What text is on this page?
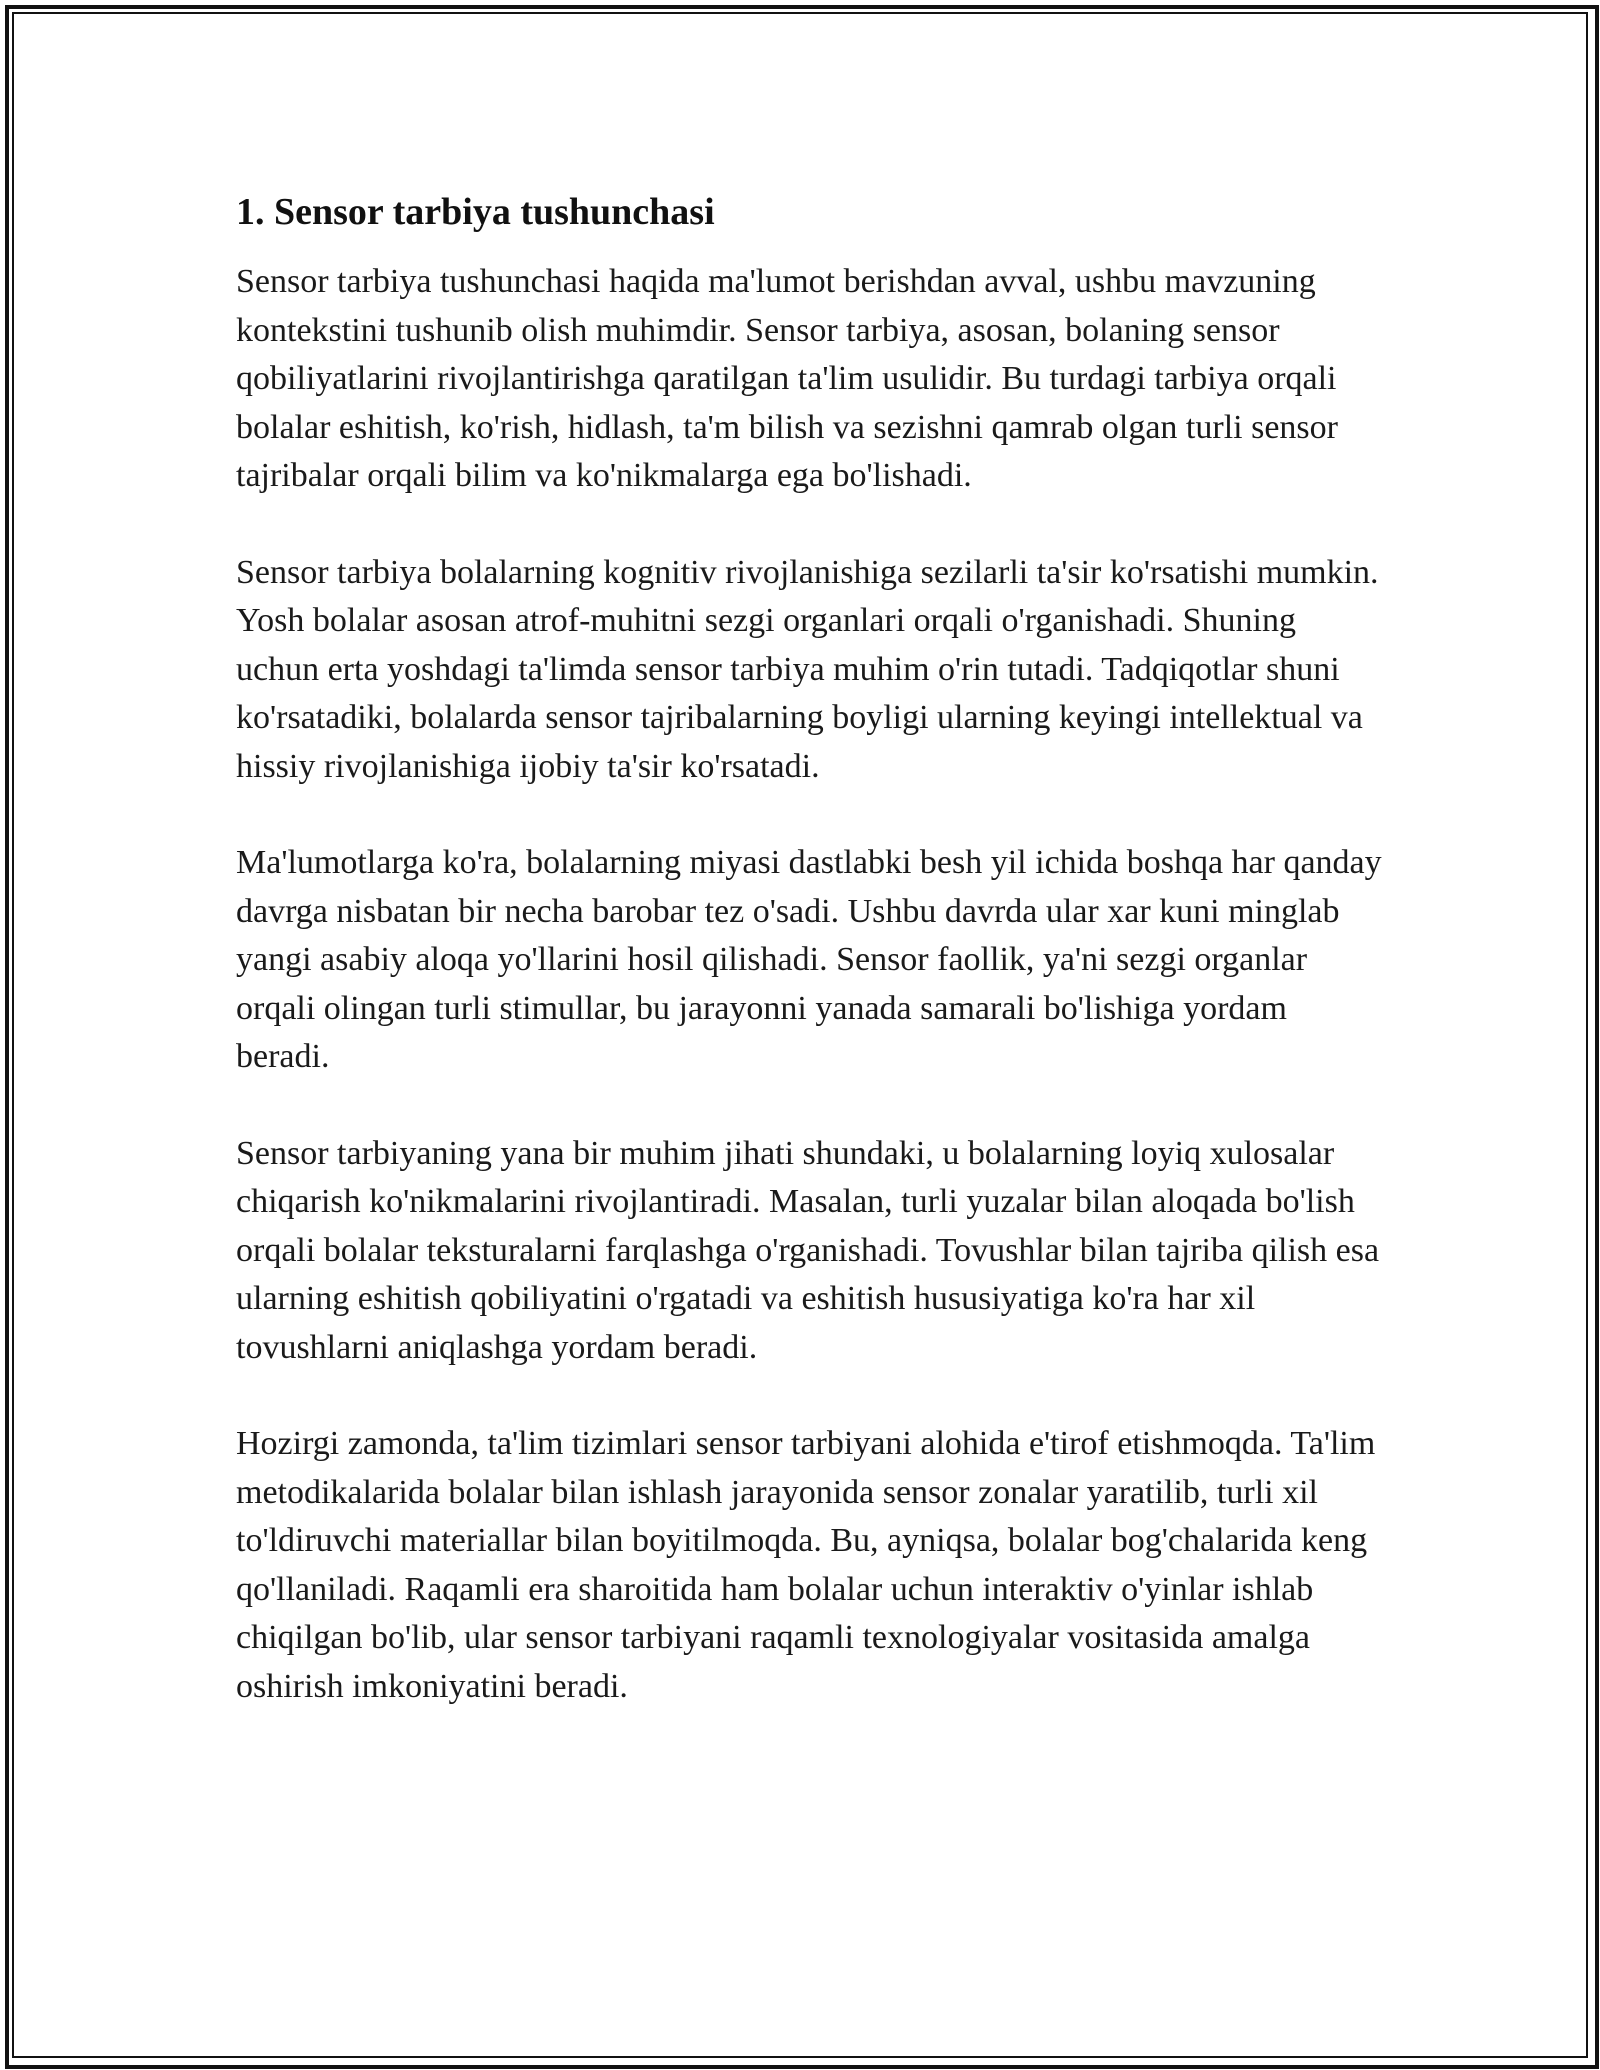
1. Sensor tarbiya tushunchasi

Sensor tarbiya tushunchasi haqida ma'lumot berishdan avval, ushbu mavzuning kontekstini tushunib olish muhimdir. Sensor tarbiya, asosan, bolaning sensor qobiliyatlarini rivojlantirishga qaratilgan ta'lim usulidir. Bu turdagi tarbiya orqali bolalar eshitish, ko'rish, hidlash, ta'm bilish va sezishni qamrab olgan turli sensor tajribalar orqali bilim va ko'nikmalarga ega bo'lishadi.

Sensor tarbiya bolalarning kognitiv rivojlanishiga sezilarli ta'sir ko'rsatishi mumkin. Yosh bolalar asosan atrof-muhitni sezgi organlari orqali o'rganishadi. Shuning uchun erta yoshdagi ta'limda sensor tarbiya muhim o'rin tutadi. Tadqiqotlar shuni ko'rsatadiki, bolalarda sensor tajribalarning boyligi ularning keyingi intellektual va hissiy rivojlanishiga ijobiy ta'sir ko'rsatadi.

Ma'lumotlarga ko'ra, bolalarning miyasi dastlabki besh yil ichida boshqa har qanday davrga nisbatan bir necha barobar tez o'sadi. Ushbu davrda ular xar kuni minglab yangi asabiy aloqa yo'llarini hosil qilishadi. Sensor faollik, ya'ni sezgi organlar orqali olingan turli stimullar, bu jarayonni yanada samarali bo'lishiga yordam beradi.

Sensor tarbiyaning yana bir muhim jihati shundaki, u bolalarning loyiq xulosalar chiqarish ko'nikmalarini rivojlantiradi. Masalan, turli yuzalar bilan aloqada bo'lish orqali bolalar teksturalarni farqlashga o'rganishadi. Tovushlar bilan tajriba qilish esa ularning eshitish qobiliyatini o'rgatadi va eshitish hususiyatiga ko'ra har xil tovushlarni aniqlashga yordam beradi.

Hozirgi zamonda, ta'lim tizimlari sensor tarbiyani alohida e'tirof etishmoqda. Ta'lim metodikalarida bolalar bilan ishlash jarayonida sensor zonalar yaratilib, turli xil to'ldiruvchi materiallar bilan boyitilmoqda. Bu, ayniqsa, bolalar bog'chalarida keng qo'llaniladi. Raqamli era sharoitida ham bolalar uchun interaktiv o'yinlar ishlab chiqilgan bo'lib, ular sensor tarbiyani raqamli texnologiyalar vositasida amalga oshirish imkoniyatini beradi.
